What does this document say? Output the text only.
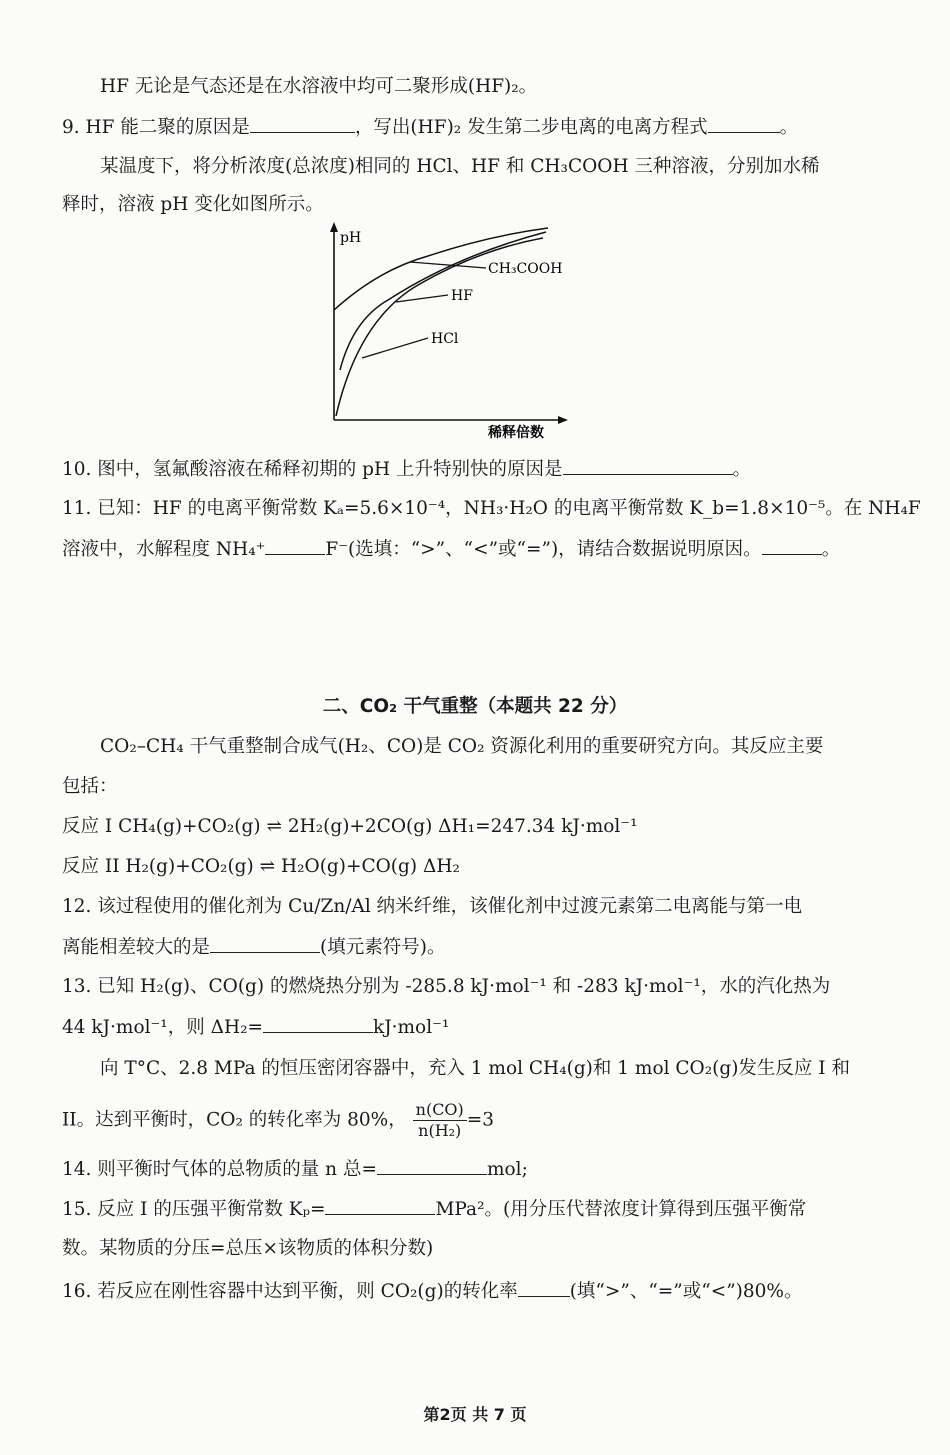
HF 无论是气态还是在水溶液中均可二聚形成(HF)₂。
9. HF 能二聚的原因是	，写出(HF)₂ 发生第二步电离的电离方程式	。
某温度下，将分析浓度(总浓度)相同的 HCl、HF 和 CH₃COOH 三种溶液，分别加水稀
释时，溶液 pH 变化如图所示。
pH
稀释倍数
CH₃COOH
HF
HCl
10. 图中，氢氟酸溶液在稀释初期的 pH 上升特别快的原因是	。
11. 已知：HF 的电离平衡常数 Kₐ=5.6×10⁻⁴，NH₃·H₂O 的电离平衡常数 K_b=1.8×10⁻⁵。在 NH₄F
溶液中，水解程度 NH₄⁺	F⁻(选填：“>”、“<”或“=”)，请结合数据说明原因。	。
二、CO₂ 干气重整（本题共 22 分）
CO₂–CH₄ 干气重整制合成气(H₂、CO)是 CO₂ 资源化利用的重要研究方向。其反应主要
包括：
反应 I CH₄(g)+CO₂(g) ⇌ 2H₂(g)+2CO(g) ΔH₁=247.34 kJ·mol⁻¹
反应 II H₂(g)+CO₂(g) ⇌ H₂O(g)+CO(g) ΔH₂
12. 该过程使用的催化剂为 Cu/Zn/Al 纳米纤维，该催化剂中过渡元素第二电离能与第一电
离能相差较大的是	(填元素符号)。
13. 已知 H₂(g)、CO(g) 的燃烧热分别为 -285.8 kJ·mol⁻¹ 和 -283 kJ·mol⁻¹，水的汽化热为
44 kJ·mol⁻¹，则 ΔH₂=	kJ·mol⁻¹
向 T°C、2.8 MPa 的恒压密闭容器中，充入 1 mol CH₄(g)和 1 mol CO₂(g)发生反应 I 和
II。达到平衡时，CO₂ 的转化率为 80%， $\frac{n(CO)}{\text{n(H₂)}} =3$
14. 则平衡时气体的总物质的量 n 总=	mol;
15. 反应 I 的压强平衡常数 Kₚ=	MPa²。(用分压代替浓度计算得到压强平衡常
数。某物质的分压=总压×该物质的体积分数)
16. 若反应在刚性容器中达到平衡，则 CO₂(g)的转化率	(填“>”、“=”或“<”)80%。
第2页 共 7 页
